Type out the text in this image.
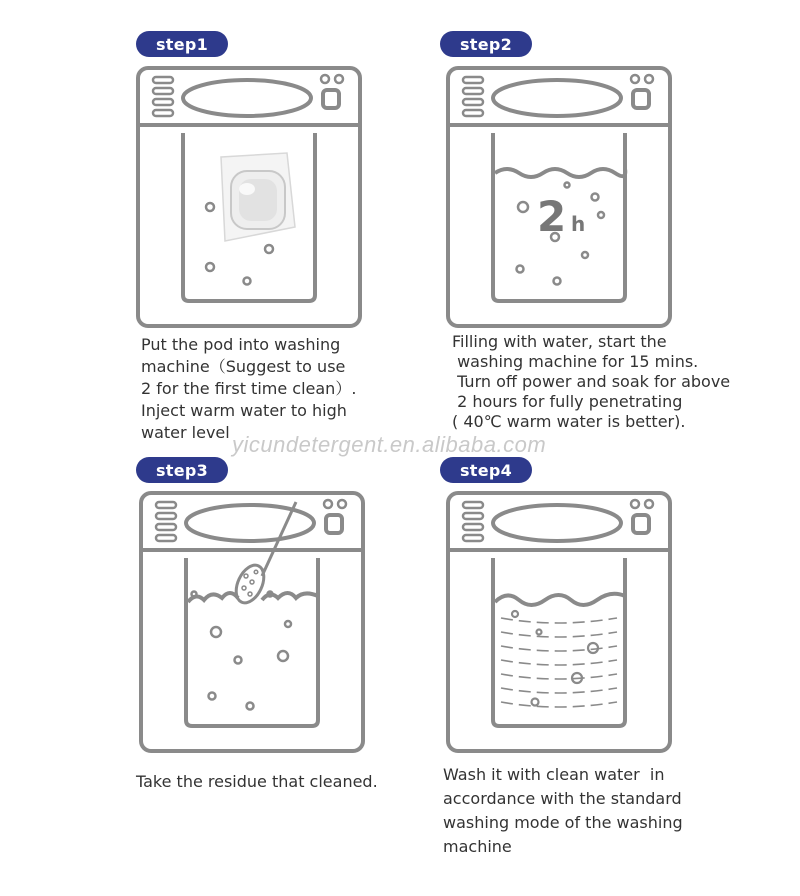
step1	step2
step3	step4
2 h
Put the pod into washing
machine（Suggest to use
2 for the first time clean）.
Inject warm water to high
water level
Filling with water, start the
washing machine for 15 mins.
Turn off power and soak for above
2 hours for fully penetrating
( 40℃ warm water is better).
Take the residue that cleaned.	Wash it with clean water  in
accordance with the standard
washing mode of the washing
machine
yicundetergent.en.alibaba.com
